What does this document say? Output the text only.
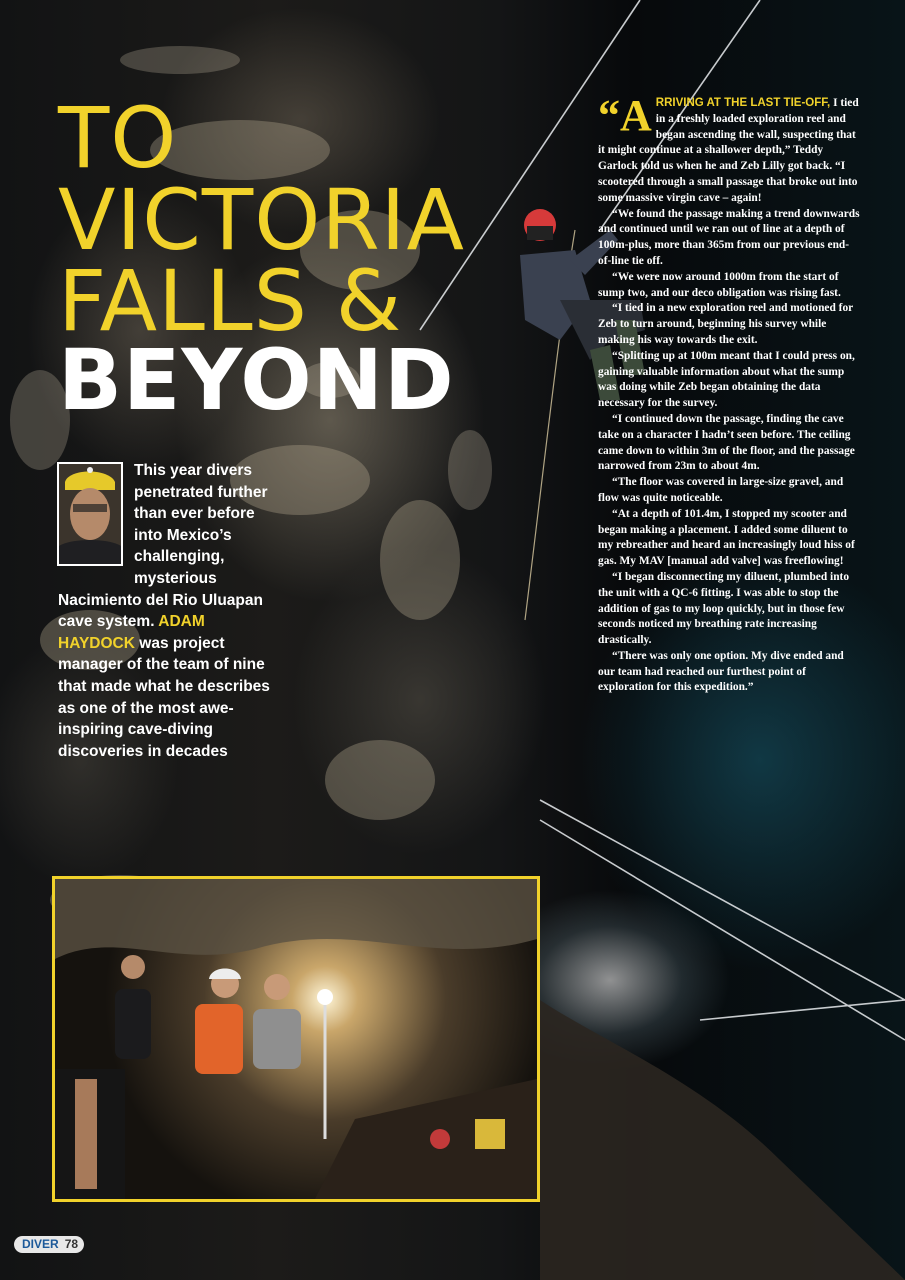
TO
VICTORIA
FALLS &
BEYOND

This year divers penetrated further than ever before into Mexico’s challenging, mysterious Nacimiento del Rio Uluapan cave system. ADAM HAYDOCK was project manager of the team of nine that made what he describes as one of the most awe-inspiring cave-diving discoveries in decades

“A RRIVING AT THE LAST TIE-OFF, I tied in a freshly loaded exploration reel and began ascending the wall, suspecting that it might continue at a shallower depth,” Teddy Garlock told us when he and Zeb Lilly got back. “I scootered through a small passage that broke out into some massive virgin cave – again!

“We found the passage making a trend downwards and continued until we ran out of line at a depth of 100m-plus, more than 365m from our previous end-of-line tie off.

“We were now around 1000m from the start of sump two, and our deco obligation was rising fast.

“I tied in a new exploration reel and motioned for Zeb to turn around, beginning his survey while making his way towards the exit.

“Splitting up at 100m meant that I could press on, gaining valuable information about what the sump was doing while Zeb began obtaining the data necessary for the survey.

“I continued down the passage, finding the cave take on a character I hadn’t seen before. The ceiling came down to within 3m of the floor, and the passage narrowed from 23m to about 4m.

“The floor was covered in large-size gravel, and flow was quite noticeable.

“At a depth of 101.4m, I stopped my scooter and began making a placement. I added some diluent to my rebreather and heard an increasingly loud hiss of gas. My MAV [manual add valve] was freeflowing!

“I began disconnecting my diluent, plumbed into the unit with a QC-6 fitting. I was able to stop the addition of gas to my loop quickly, but in those few seconds noticed my breathing rate increasing drastically.

“There was only one option. My dive ended and our team had reached our furthest point of exploration for this expedition.”

DIVER 78
